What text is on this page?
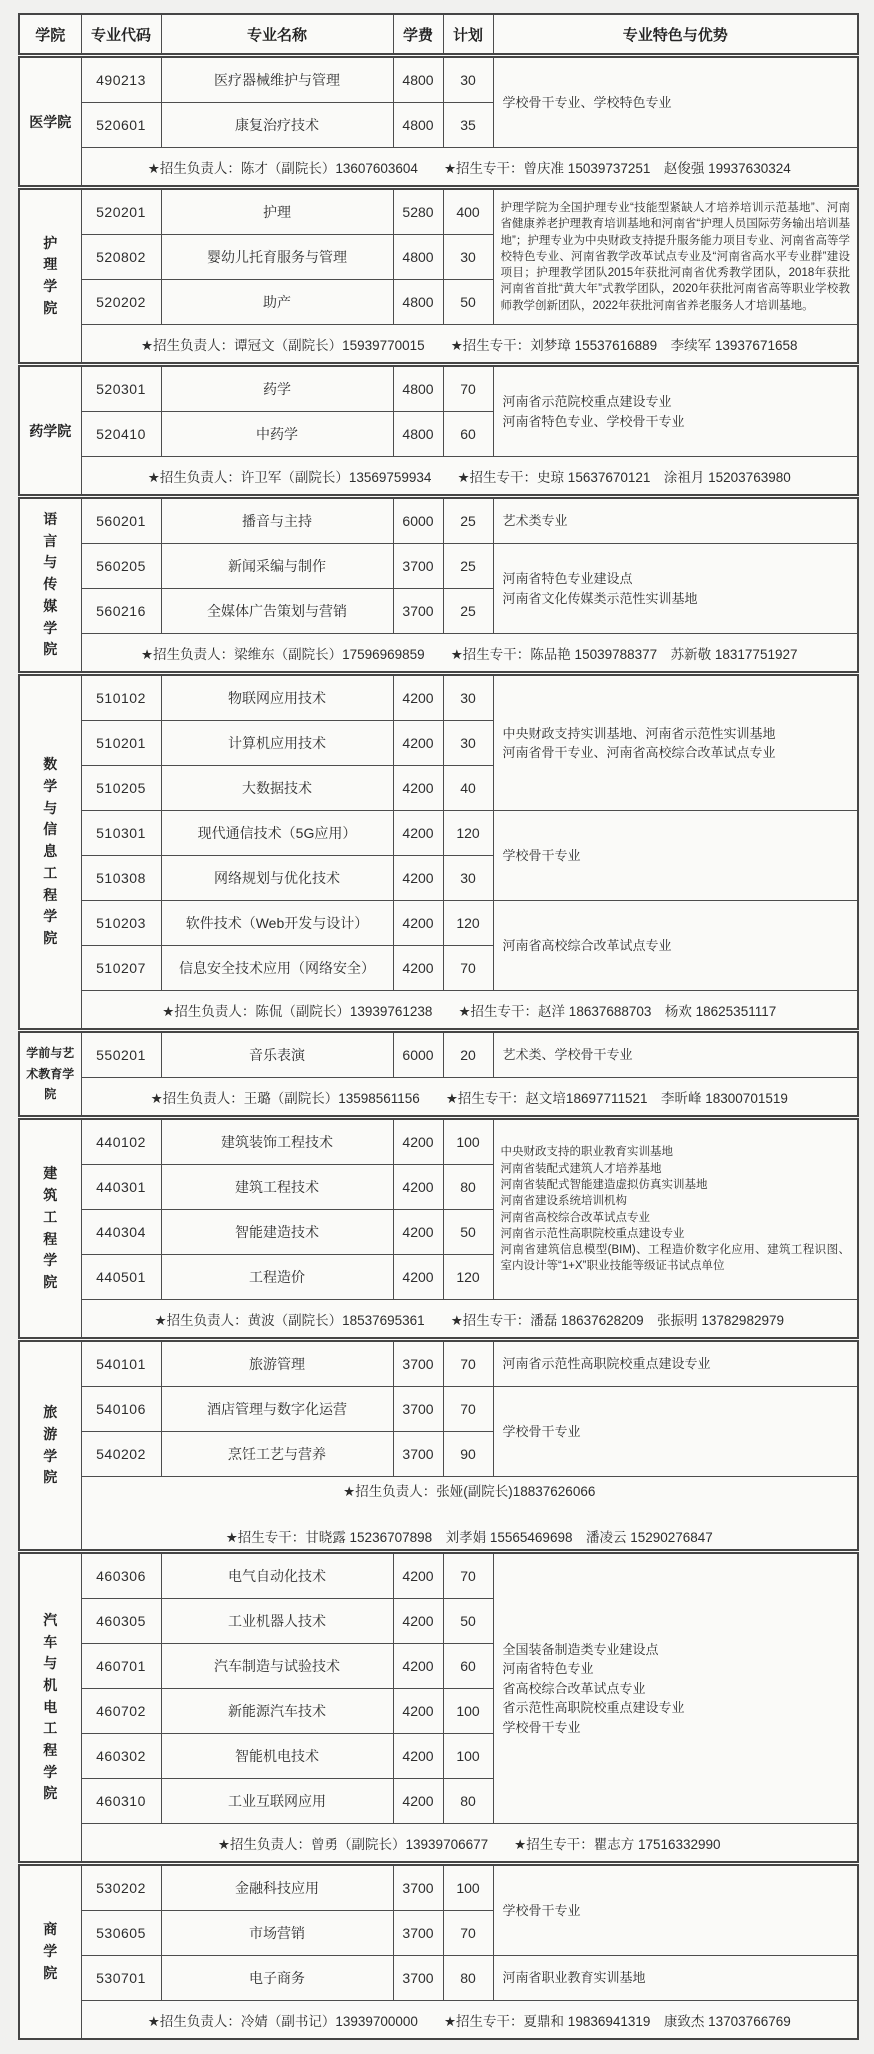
学院	专业代码	专业名称	学费	计划	专业特色与优势
医学院	490213	医疗器械维护与管理	4800	30	学校骨干专业、学校特色专业
	520601	康复治疗技术	4800	35	

	★招生负责人：陈才（副院长）13607603604 ★招生专干：曾庆准 15039737251　赵俊强 19937630324				

护理学院	520201	护理	5280	400	护理学院为全国护理专业“技能型紧缺人才培养培训示范基地”、河南省健康养老护理教育培训基地和河南省“护理人员国际劳务输出培训基地”；护理专业为中央财政支持提升服务能力项目专业、河南省高等学校特色专业、河南省教学改革试点专业及“河南省高水平专业群”建设项目；护理教学团队2015年获批河南省优秀教学团队，2018年获批河南省首批“黄大年”式教学团队，2020年获批河南省高等职业学校教师教学创新团队，2022年获批河南省养老服务人才培训基地。
	520802	婴幼儿托育服务与管理	4800	30	
	520202	助产	4800	50	

	★招生负责人：谭冠文（副院长）15939770015 ★招生专干：刘梦璋 15537616889　李续军 13937671658				

药学院	520301	药学	4800	70	河南省示范院校重点建设专业
河南省特色专业、学校骨干专业
	520410	中药学	4800	60	

	★招生负责人：许卫军（副院长）13569759934 ★招生专干：史琼 15637670121　涂祖月 15203763980				

语言与传媒学院	560201	播音与主持	6000	25	艺术类专业
	560205	新闻采编与制作	3700	25	河南省特色专业建设点
河南省文化传媒类示范性实训基地
	560216	全媒体广告策划与营销	3700	25	

	★招生负责人：梁维东（副院长）17596969859 ★招生专干：陈品艳 15039788377　苏新敬 18317751927				

数学与信息工程学院	510102	物联网应用技术	4200	30	中央财政支持实训基地、河南省示范性实训基地
河南省骨干专业、河南省高校综合改革试点专业
	510201	计算机应用技术	4200	30	
	510205	大数据技术	4200	40	
	510301	现代通信技术（5G应用）	4200	120	学校骨干专业
	510308	网络规划与优化技术	4200	30	
	510203	软件技术（Web开发与设计）	4200	120	河南省高校综合改革试点专业
	510207	信息安全技术应用（网络安全）	4200	70	

	★招生负责人：陈侃（副院长）13939761238 ★招生专干：赵洋 18637688703　杨欢 18625351117				

学前与艺术教育学院	550201	音乐表演	6000	20	艺术类、学校骨干专业

	★招生负责人：王璐（副院长）13598561156 ★招生专干：赵文培18697711521　李昕峰 18300701519				

建筑工程学院	440102	建筑装饰工程技术	4200	100	中央财政支持的职业教育实训基地
河南省装配式建筑人才培养基地
河南省装配式智能建造虚拟仿真实训基地
河南省建设系统培训机构
河南省高校综合改革试点专业
河南省示范性高职院校重点建设专业
河南省建筑信息模型(BIM)、工程造价数字化应用、建筑工程识图、室内设计等“1+X”职业技能等级证书试点单位
	440301	建筑工程技术	4200	80	
	440304	智能建造技术	4200	50	
	440501	工程造价	4200	120	

	★招生负责人：黄波（副院长）18537695361 ★招生专干：潘磊 18637628209　张振明 13782982979				

旅游学院	540101	旅游管理	3700	70	河南省示范性高职院校重点建设专业
	540106	酒店管理与数字化运营	3700	70	学校骨干专业
	540202	烹饪工艺与营养	3700	90	

	★招生负责人：张娅(副院长)18837626066
★招生专干：甘晓露 15236707898　刘孝娟 15565469698　潘凌云 15290276847				

汽车与机电工程学院	460306	电气自动化技术	4200	70	全国装备制造类专业建设点
河南省特色专业
省高校综合改革试点专业
省示范性高职院校重点建设专业
学校骨干专业
	460305	工业机器人技术	4200	50	
	460701	汽车制造与试验技术	4200	60	
	460702	新能源汽车技术	4200	100	
	460302	智能机电技术	4200	100	
	460310	工业互联网应用	4200	80	

	★招生负责人：曾勇（副院长）13939706677 ★招生专干：瞿志方 17516332990				

商学院	530202	金融科技应用	3700	100	学校骨干专业
	530605	市场营销	3700	70	
	530701	电子商务	3700	80	河南省职业教育实训基地

	★招生负责人：冷婧（副书记）13939700000 ★招生专干：夏鼎和 19836941319　康致杰 13703766769				
